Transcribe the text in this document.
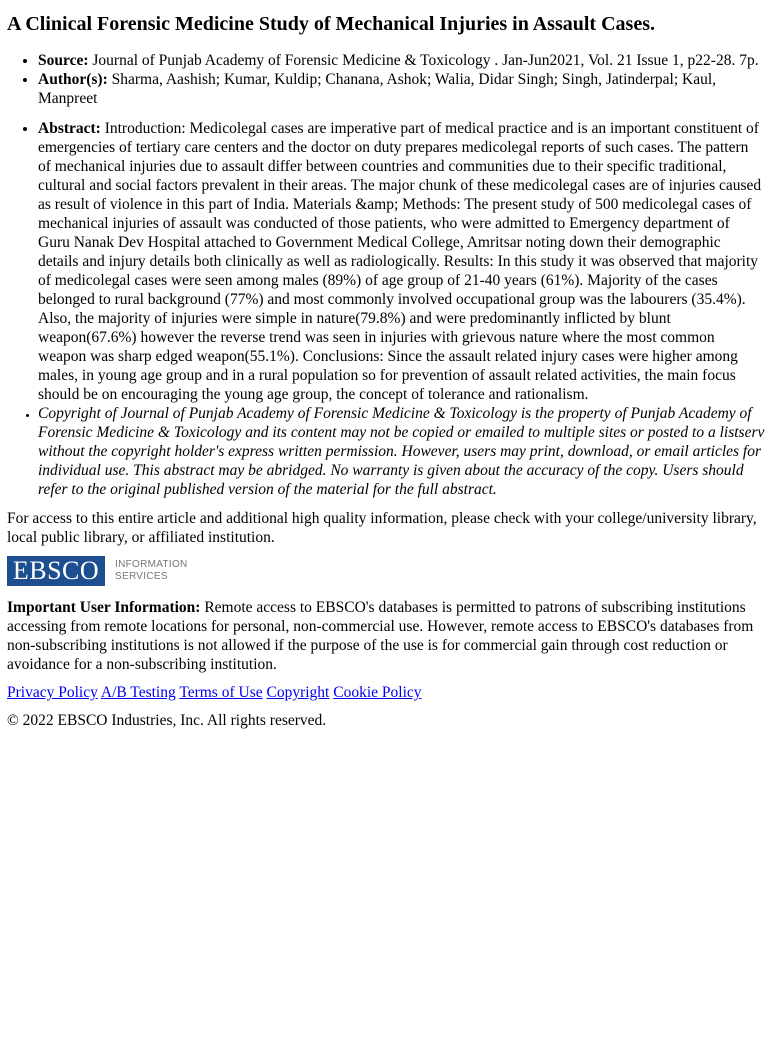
A Clinical Forensic Medicine Study of Mechanical Injuries in Assault Cases.
• Source: Journal of Punjab Academy of Forensic Medicine & Toxicology . Jan-Jun2021, Vol. 21 Issue 1, p22-28. 7p.
• Author(s): Sharma, Aashish; Kumar, Kuldip; Chanana, Ashok; Walia, Didar Singh; Singh, Jatinderpal; Kaul, Manpreet
• Abstract: Introduction: Medicolegal cases are imperative part of medical practice and is an important constituent of emergencies of tertiary care centers and the doctor on duty prepares medicolegal reports of such cases. The pattern of mechanical injuries due to assault differ between countries and communities due to their specific traditional, cultural and social factors prevalent in their areas. The major chunk of these medicolegal cases are of injuries caused as result of violence in this part of India. Materials &amp; Methods: The present study of 500 medicolegal cases of mechanical injuries of assault was conducted of those patients, who were admitted to Emergency department of Guru Nanak Dev Hospital attached to Government Medical College, Amritsar noting down their demographic details and injury details both clinically as well as radiologically. Results: In this study it was observed that majority of medicolegal cases were seen among males (89%) of age group of 21-40 years (61%). Majority of the cases belonged to rural background (77%) and most commonly involved occupational group was the labourers (35.4%). Also, the majority of injuries were simple in nature(79.8%) and were predominantly inflicted by blunt weapon(67.6%) however the reverse trend was seen in injuries with grievous nature where the most common weapon was sharp edged weapon(55.1%). Conclusions: Since the assault related injury cases were higher among males, in young age group and in a rural population so for prevention of assault related activities, the main focus should be on encouraging the young age group, the concept of tolerance and rationalism.
• Copyright of Journal of Punjab Academy of Forensic Medicine & Toxicology is the property of Punjab Academy of Forensic Medicine & Toxicology and its content may not be copied or emailed to multiple sites or posted to a listserv without the copyright holder's express written permission. However, users may print, download, or email articles for individual use. This abstract may be abridged. No warranty is given about the accuracy of the copy. Users should refer to the original published version of the material for the full abstract.

For access to this entire article and additional high quality information, please check with your college/university library, local public library, or affiliated institution.

EBSCO	INFORMATION
SERVICES

Important User Information: Remote access to EBSCO's databases is permitted to patrons of subscribing institutions accessing from remote locations for personal, non-commercial use. However, remote access to EBSCO's databases from non-subscribing institutions is not allowed if the purpose of the use is for commercial gain through cost reduction or avoidance for a non-subscribing institution.

Privacy Policy A/B Testing Terms of Use Copyright Cookie Policy

© 2022 EBSCO Industries, Inc. All rights reserved.
